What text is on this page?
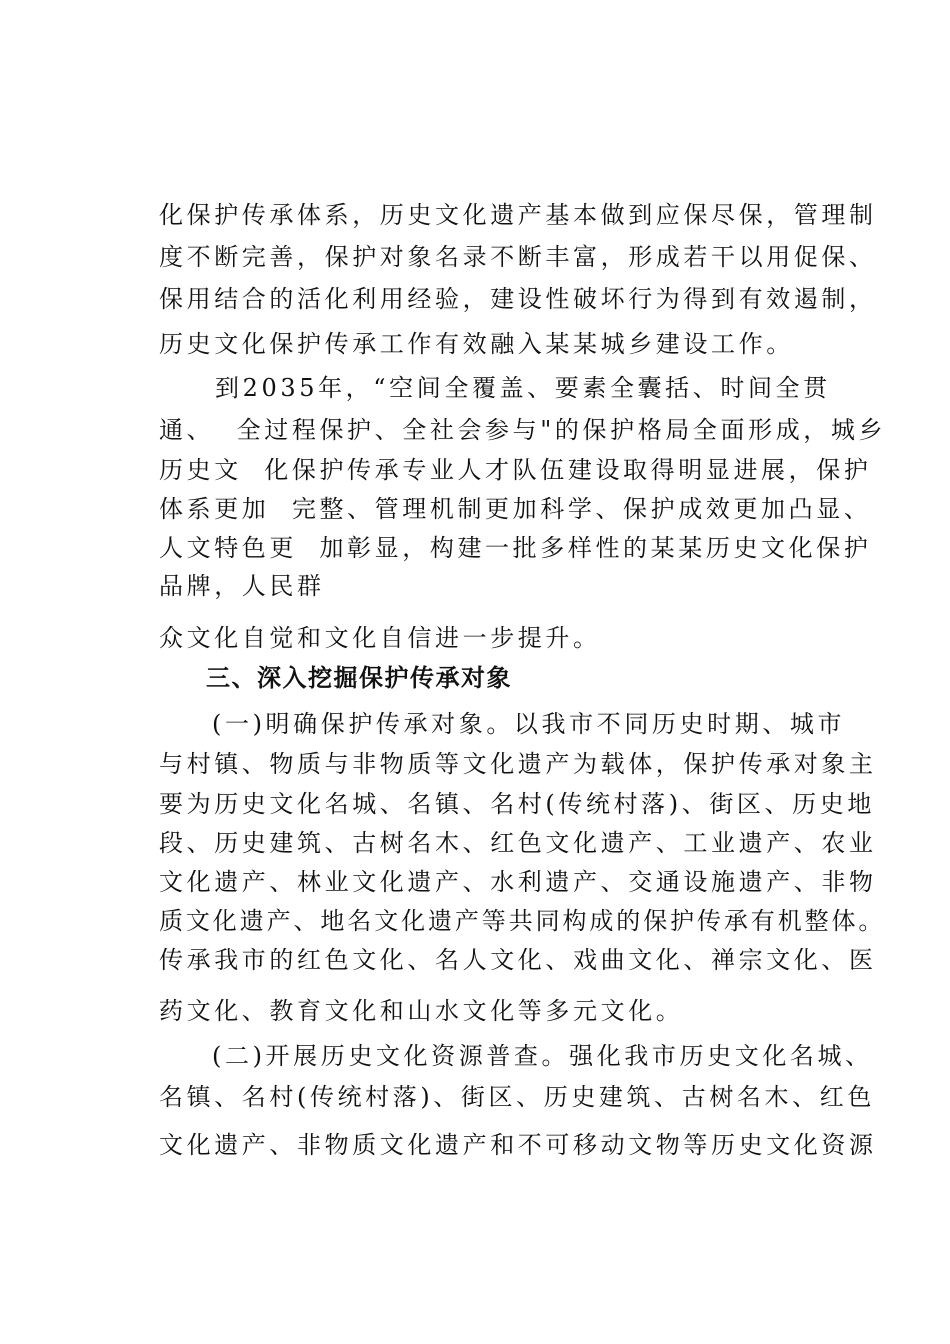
化保护传承体系，历史文化遗产基本做到应保尽保，管理制
度不断完善，保护对象名录不断丰富，形成若干以用促保、
保用结合的活化利用经验，建设性破坏行为得到有效遏制，
历史文化保护传承工作有效融入某某城乡建设工作。
到2035年，“空间全覆盖、要素全囊括、时间全贯
通、  全过程保护、全社会参与"的保护格局全面形成，城乡
历史文  化保护传承专业人才队伍建设取得明显进展，保护
体系更加  完整、管理机制更加科学、保护成效更加凸显、
人文特色更  加彰显，构建一批多样性的某某历史文化保护
品牌，人民群
众文化自觉和文化自信进一步提升。
三、深入挖掘保护传承对象
(一)明确保护传承对象。以我市不同历史时期、城市
与村镇、物质与非物质等文化遗产为载体，保护传承对象主
要为历史文化名城、名镇、名村(传统村落)、街区、历史地
段、历史建筑、古树名木、红色文化遗产、工业遗产、农业
文化遗产、林业文化遗产、水利遗产、交通设施遗产、非物
质文化遗产、地名文化遗产等共同构成的保护传承有机整体。
传承我市的红色文化、名人文化、戏曲文化、禅宗文化、医
药文化、教育文化和山水文化等多元文化。
(二)开展历史文化资源普查。强化我市历史文化名城、
名镇、名村(传统村落)、街区、历史建筑、古树名木、红色
文化遗产、非物质文化遗产和不可移动文物等历史文化资源
